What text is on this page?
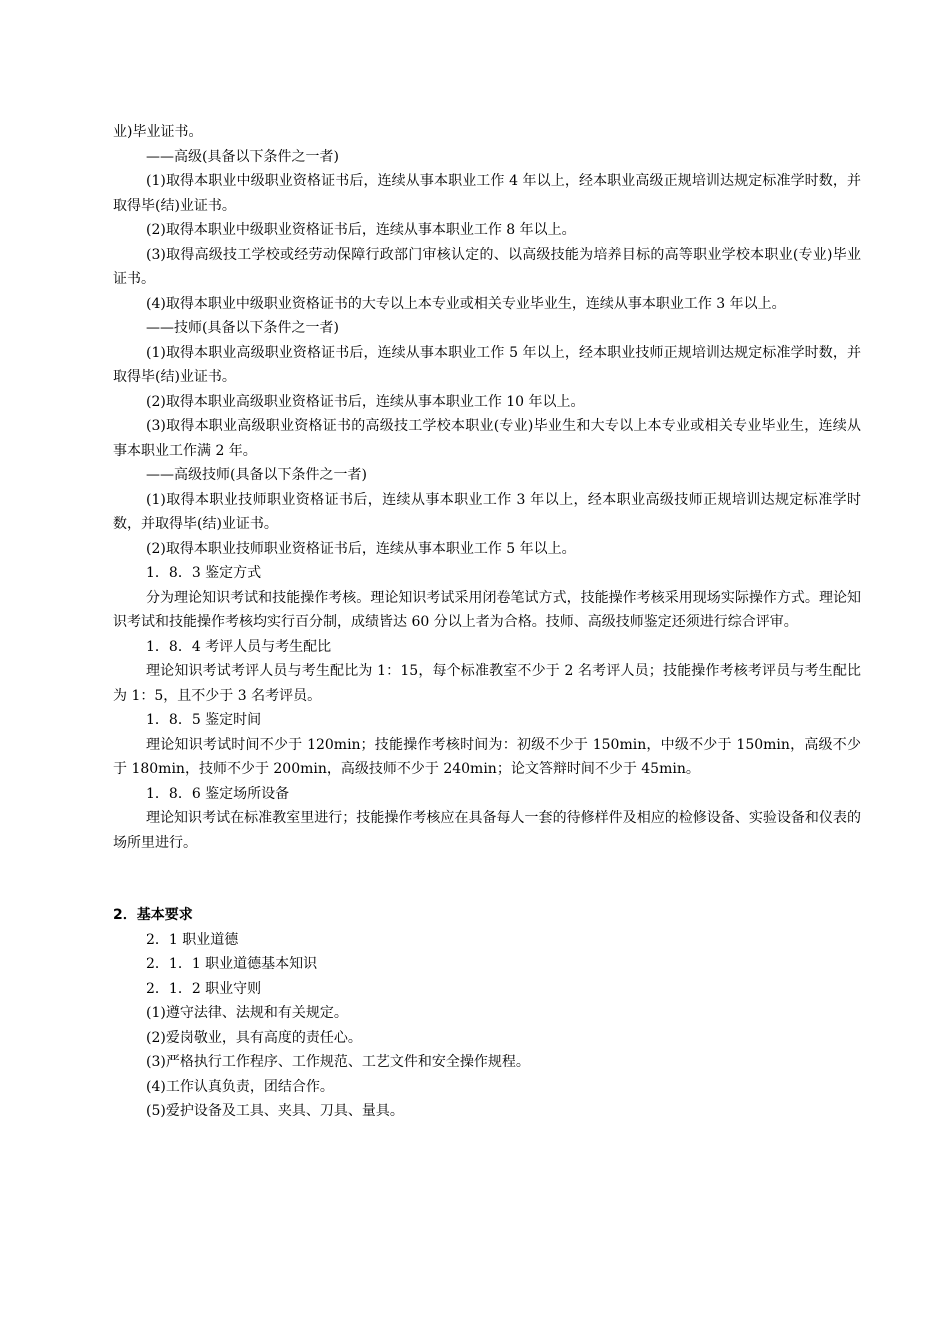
业)毕业证书。

——高级(具备以下条件之一者)

(1)取得本职业中级职业资格证书后，连续从事本职业工作 4 年以上，经本职业高级正规培训达规定标准学时数，并取得毕(结)业证书。

(2)取得本职业中级职业资格证书后，连续从事本职业工作 8 年以上。

(3)取得高级技工学校或经劳动保障行政部门审核认定的、以高级技能为培养目标的高等职业学校本职业(专业)毕业证书。

(4)取得本职业中级职业资格证书的大专以上本专业或相关专业毕业生，连续从事本职业工作 3 年以上。

——技师(具备以下条件之一者)

(1)取得本职业高级职业资格证书后，连续从事本职业工作 5 年以上，经本职业技师正规培训达规定标准学时数，并取得毕(结)业证书。

(2)取得本职业高级职业资格证书后，连续从事本职业工作 10 年以上。

(3)取得本职业高级职业资格证书的高级技工学校本职业(专业)毕业生和大专以上本专业或相关专业毕业生，连续从事本职业工作满 2 年。

——高级技师(具备以下条件之一者)

(1)取得本职业技师职业资格证书后，连续从事本职业工作 3 年以上，经本职业高级技师正规培训达规定标准学时数，并取得毕(结)业证书。

(2)取得本职业技师职业资格证书后，连续从事本职业工作 5 年以上。

1．8．3 鉴定方式

分为理论知识考试和技能操作考核。理论知识考试采用闭卷笔试方式，技能操作考核采用现场实际操作方式。理论知识考试和技能操作考核均实行百分制，成绩皆达 60 分以上者为合格。技师、高级技师鉴定还须进行综合评审。

1．8．4 考评人员与考生配比

理论知识考试考评人员与考生配比为 1：15，每个标准教室不少于 2 名考评人员；技能操作考核考评员与考生配比为 1：5，且不少于 3 名考评员。

1．8．5 鉴定时间

理论知识考试时间不少于 120min；技能操作考核时间为：初级不少于 150min，中级不少于 150min，高级不少于 180min，技师不少于 200min，高级技师不少于 240min；论文答辩时间不少于 45min。

1．8．6 鉴定场所设备

理论知识考试在标准教室里进行；技能操作考核应在具备每人一套的待修样件及相应的检修设备、实验设备和仪表的场所里进行。

2．基本要求

2．1 职业道德

2．1．1 职业道德基本知识

2．1．2 职业守则

(1)遵守法律、法规和有关规定。

(2)爱岗敬业，具有高度的责任心。

(3)严格执行工作程序、工作规范、工艺文件和安全操作规程。

(4)工作认真负责，团结合作。

(5)爱护设备及工具、夹具、刀具、量具。
